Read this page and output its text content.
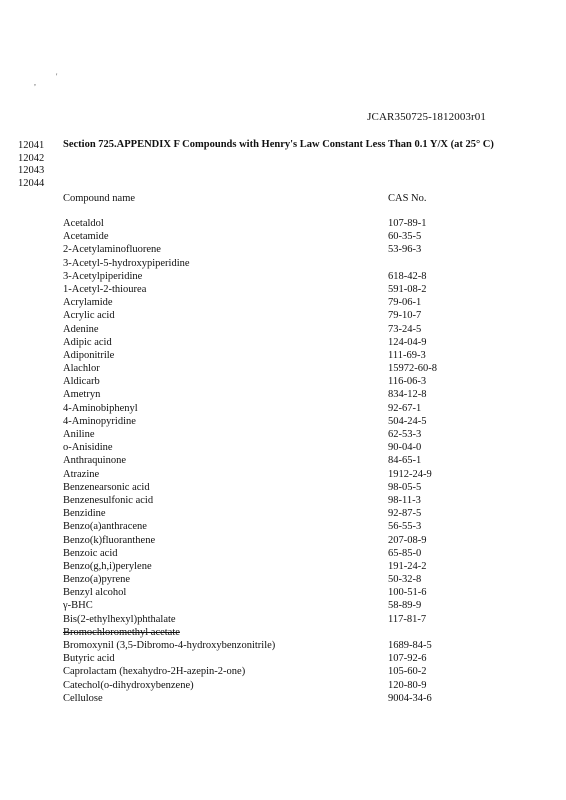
,
'
JCAR350725-1812003r01
12041
12042
12043
12044
Section 725.APPENDIX F Compounds with Henry's Law Constant Less Than 0.1 Y/X (at 25° C)
Compound name	CAS No.
Acetaldol	107-89-1
Acetamide	60-35-5
2-Acetylaminofluorene	53-96-3
3-Acetyl-5-hydroxypiperidine
3-Acetylpiperidine	618-42-8
1-Acetyl-2-thiourea	591-08-2
Acrylamide	79-06-1
Acrylic acid	79-10-7
Adenine	73-24-5
Adipic acid	124-04-9
Adiponitrile	111-69-3
Alachlor	15972-60-8
Aldicarb	116-06-3
Ametryn	834-12-8
4-Aminobiphenyl	92-67-1
4-Aminopyridine	504-24-5
Aniline	62-53-3
o-Anisidine	90-04-0
Anthraquinone	84-65-1
Atrazine	1912-24-9
Benzenearsonic acid	98-05-5
Benzenesulfonic acid	98-11-3
Benzidine	92-87-5
Benzo(a)anthracene	56-55-3
Benzo(k)fluoranthene	207-08-9
Benzoic acid	65-85-0
Benzo(g,h,i)perylene	191-24-2
Benzo(a)pyrene	50-32-8
Benzyl alcohol	100-51-6
γ-BHC	58-89-9
Bis(2-ethylhexyl)phthalate	117-81-7
Bromochloromethyl acetate
Bromoxynil (3,5-Dibromo-4-hydroxybenzonitrile)	1689-84-5
Butyric acid	107-92-6
Caprolactam (hexahydro-2H-azepin-2-one)	105-60-2
Catechol(o-dihydroxybenzene)	120-80-9
Cellulose	9004-34-6
